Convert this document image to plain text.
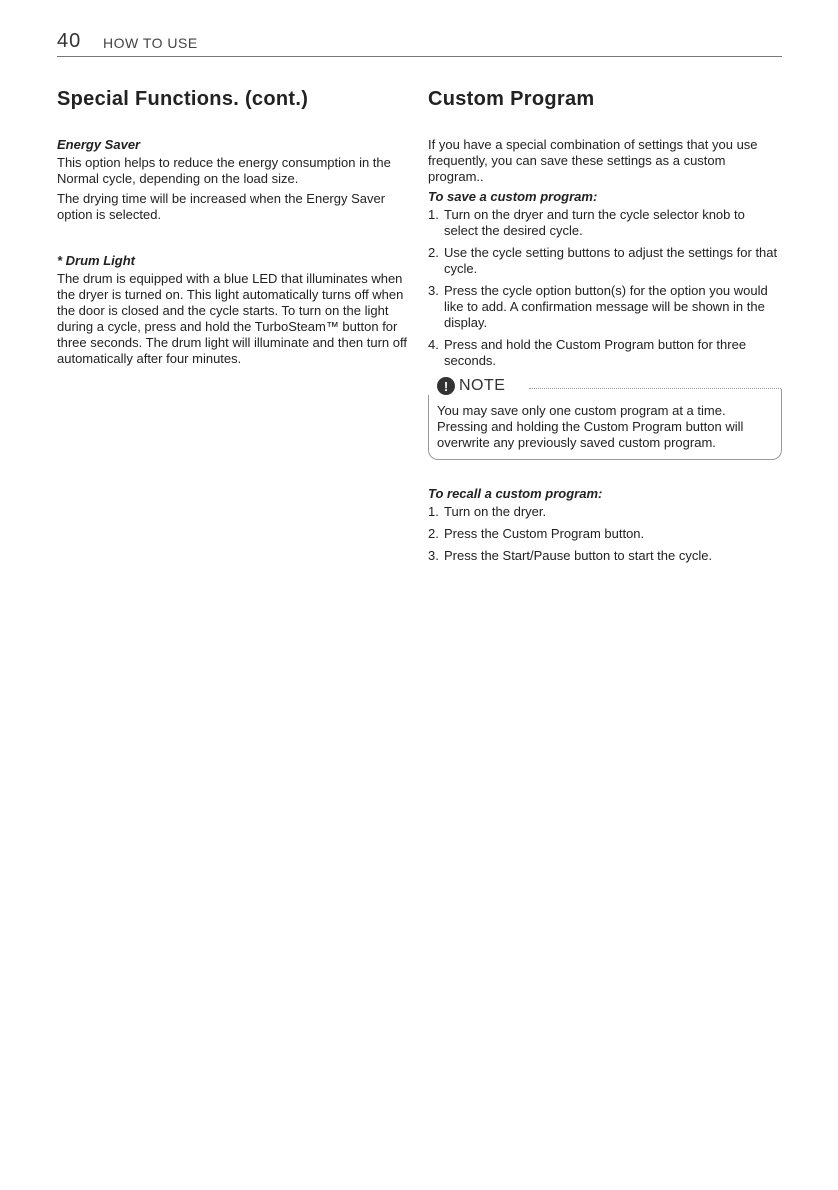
40 HOW TO USE
Special Functions. (cont.)
Energy Saver

This option helps to reduce the energy consumption in the Normal cycle, depending on the load size.

The drying time will be increased when the Energy Saver option is selected.

* Drum Light

The drum is equipped with a blue LED that illuminates when the dryer is turned on. This light automatically turns off when the door is closed and the cycle starts. To turn on the light during a cycle, press and hold the TurboSteam™ button for three seconds. The drum light will illuminate and then turn off automatically after four minutes.

Custom Program

If you have a special combination of settings that you use frequently, you can save these settings as a custom program..

To save a custom program:
1. Turn on the dryer and turn the cycle selector knob to select the desired cycle.
2. Use the cycle setting buttons to adjust the settings for that cycle.
3. Press the cycle option button(s) for the option you would like to add. A confirmation message will be shown in the display.
4. Press and hold the Custom Program button for three seconds.
! NOTE

You may save only one custom program at a time. Pressing and holding the Custom Program button will overwrite any previously saved custom program.

To recall a custom program:
1. Turn on the dryer.
2. Press the Custom Program button.
3. Press the Start/Pause button to start the cycle.
